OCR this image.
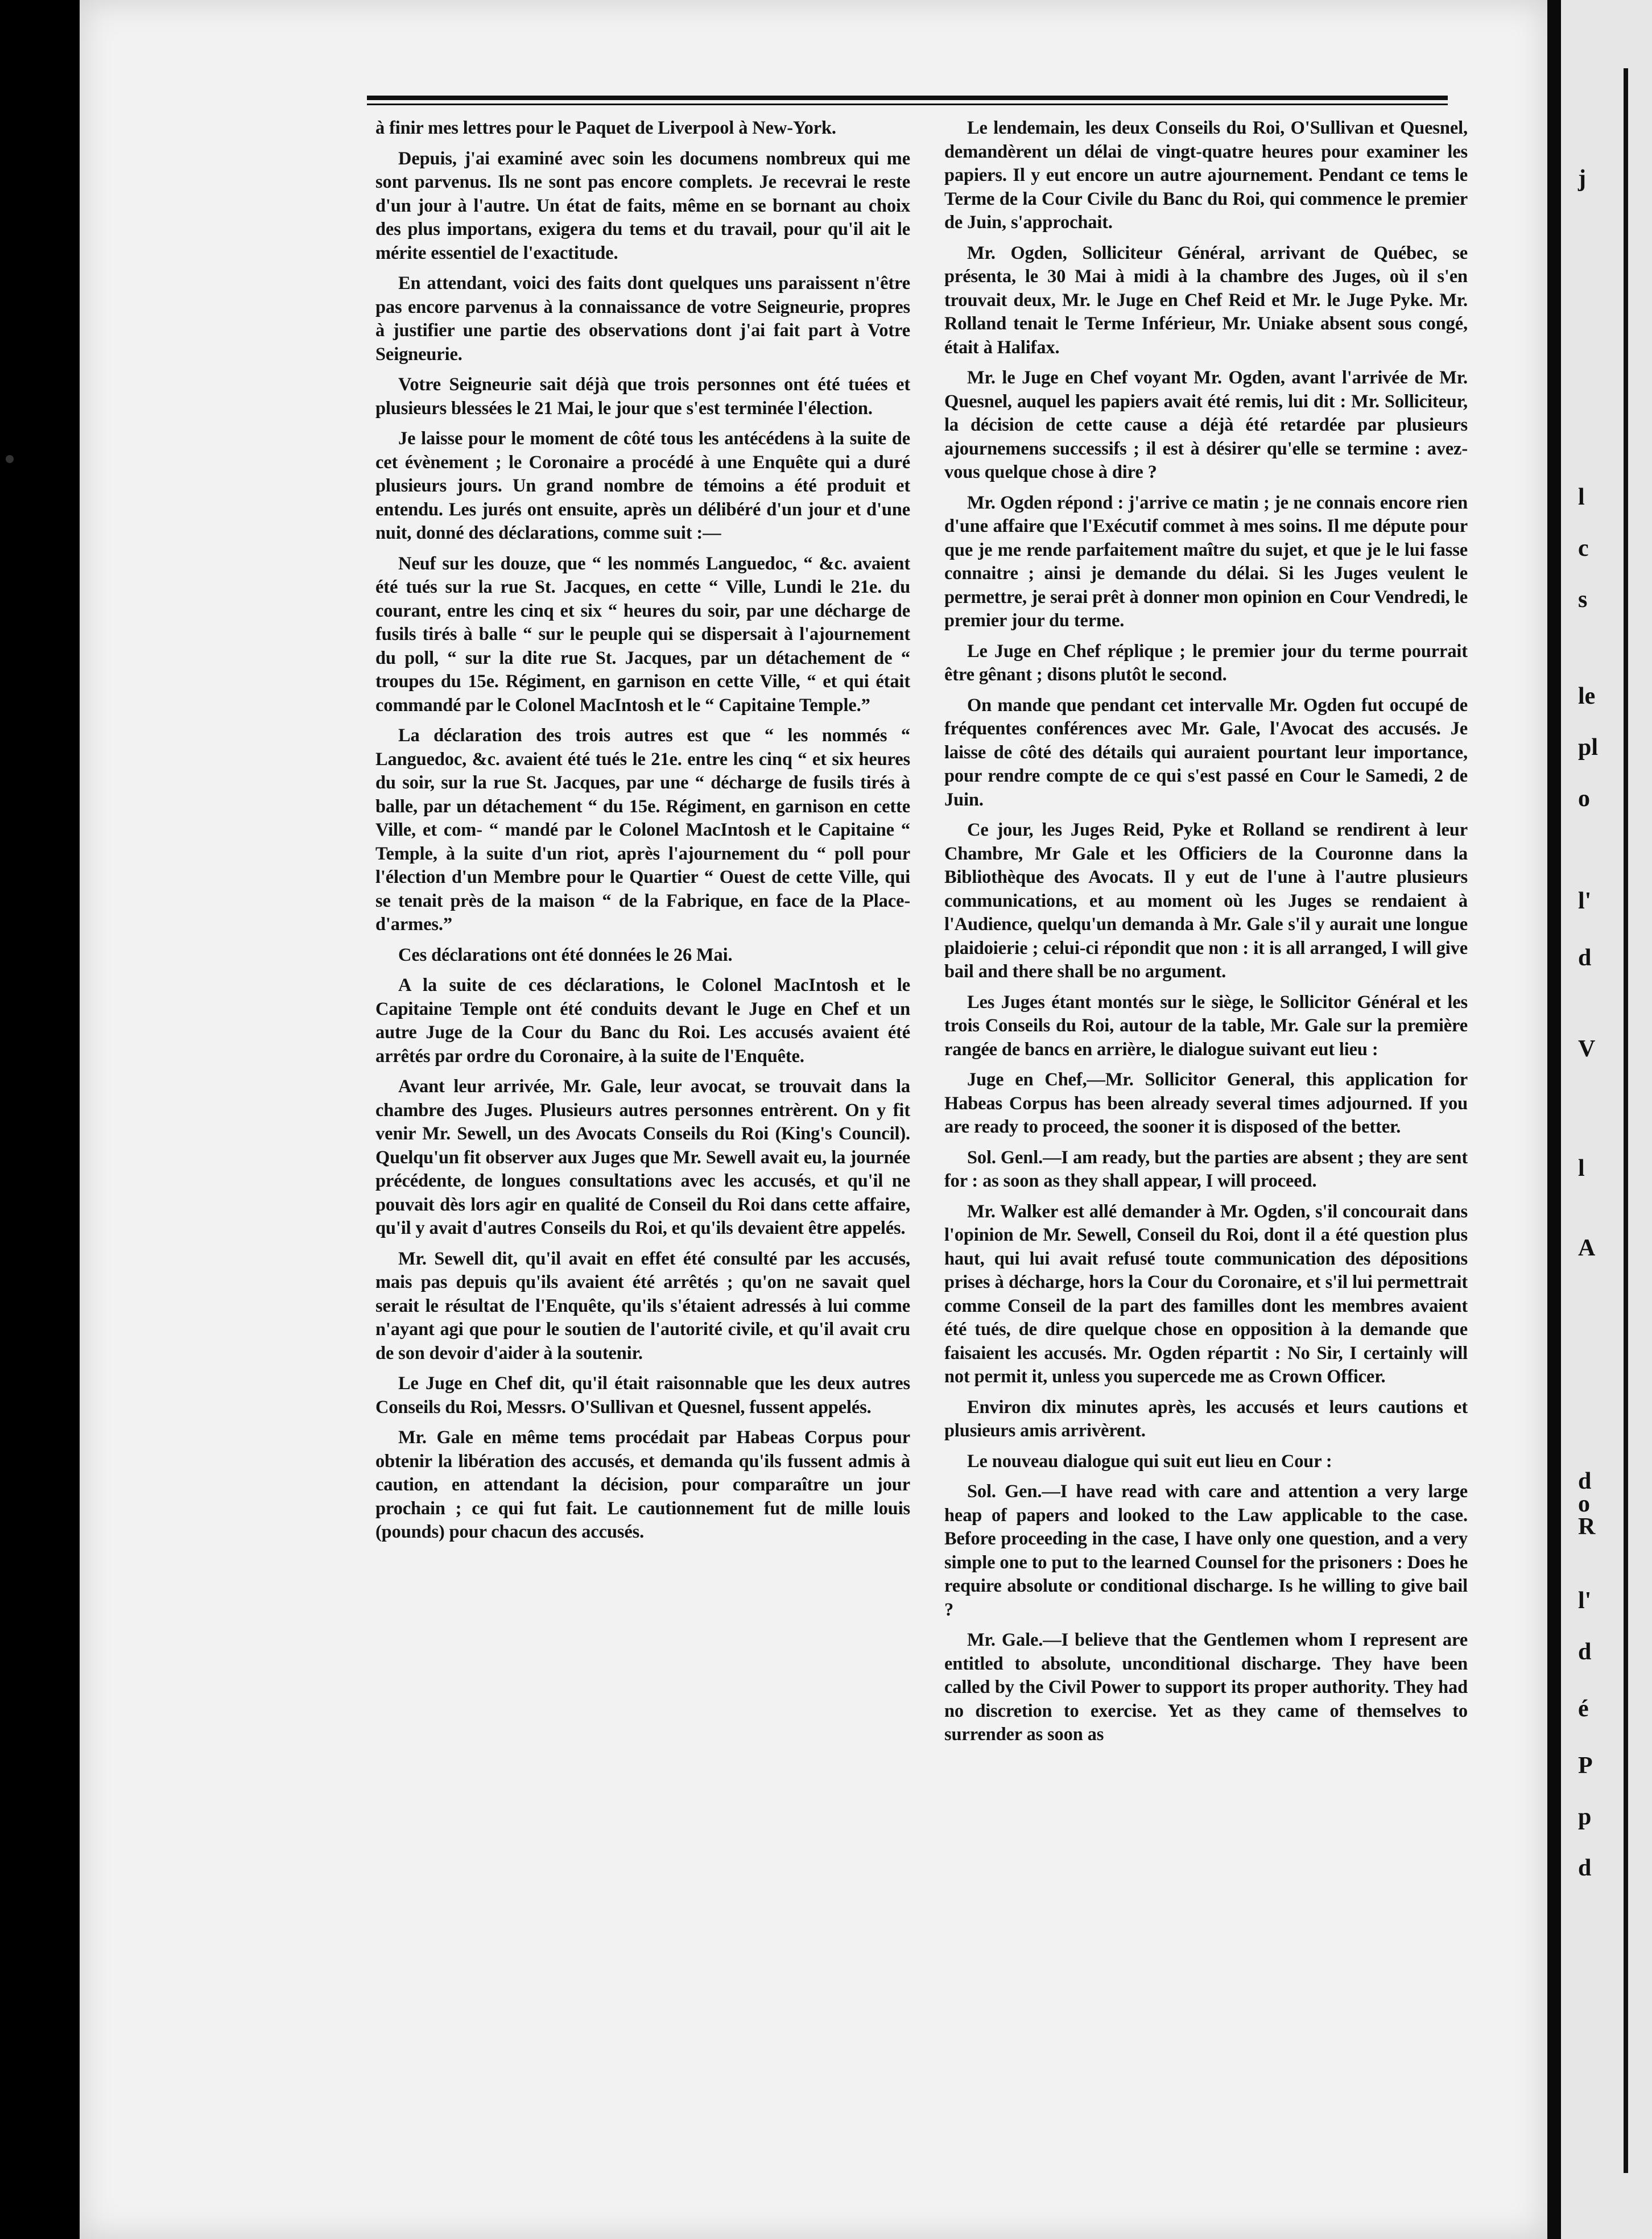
à finir mes lettres pour le Paquet de Liverpool à New-York.

Depuis, j'ai examiné avec soin les documens nombreux qui me sont parvenus. Ils ne sont pas encore complets. Je recevrai le reste d'un jour à l'autre. Un état de faits, même en se bornant au choix des plus importans, exigera du tems et du travail, pour qu'il ait le mérite essentiel de l'exactitude.

En attendant, voici des faits dont quelques uns paraissent n'être pas encore parvenus à la connaissance de votre Seigneurie, propres à justifier une partie des observations dont j'ai fait part à Votre Seigneurie.

Votre Seigneurie sait déjà que trois personnes ont été tuées et plusieurs blessées le 21 Mai, le jour que s'est terminée l'élection.

Je laisse pour le moment de côté tous les antécédens à la suite de cet évènement ; le Coronaire a procédé à une Enquête qui a duré plusieurs jours. Un grand nombre de témoins a été produit et entendu. Les jurés ont ensuite, après un délibéré d'un jour et d'une nuit, donné des déclarations, comme suit :—

Neuf sur les douze, que “ les nommés Languedoc, “ &c. avaient été tués sur la rue St. Jacques, en cette “ Ville, Lundi le 21e. du courant, entre les cinq et six “ heures du soir, par une décharge de fusils tirés à balle “ sur le peuple qui se dispersait à l'ajournement du poll, “ sur la dite rue St. Jacques, par un détachement de “ troupes du 15e. Régiment, en garnison en cette Ville, “ et qui était commandé par le Colonel MacIntosh et le “ Capitaine Temple.”

La déclaration des trois autres est que “ les nommés “ Languedoc, &c. avaient été tués le 21e. entre les cinq “ et six heures du soir, sur la rue St. Jacques, par une “ décharge de fusils tirés à balle, par un détachement “ du 15e. Régiment, en garnison en cette Ville, et com- “ mandé par le Colonel MacIntosh et le Capitaine “ Temple, à la suite d'un riot, après l'ajournement du “ poll pour l'élection d'un Membre pour le Quartier “ Ouest de cette Ville, qui se tenait près de la maison “ de la Fabrique, en face de la Place-d'armes.”

Ces déclarations ont été données le 26 Mai.

A la suite de ces déclarations, le Colonel MacIntosh et le Capitaine Temple ont été conduits devant le Juge en Chef et un autre Juge de la Cour du Banc du Roi. Les accusés avaient été arrêtés par ordre du Coronaire, à la suite de l'Enquête.

Avant leur arrivée, Mr. Gale, leur avocat, se trouvait dans la chambre des Juges. Plusieurs autres personnes entrèrent. On y fit venir Mr. Sewell, un des Avocats Conseils du Roi (King's Council). Quelqu'un fit observer aux Juges que Mr. Sewell avait eu, la journée précédente, de longues consultations avec les accusés, et qu'il ne pouvait dès lors agir en qualité de Conseil du Roi dans cette affaire, qu'il y avait d'autres Conseils du Roi, et qu'ils devaient être appelés.

Mr. Sewell dit, qu'il avait en effet été consulté par les accusés, mais pas depuis qu'ils avaient été arrêtés ; qu'on ne savait quel serait le résultat de l'Enquête, qu'ils s'étaient adressés à lui comme n'ayant agi que pour le soutien de l'autorité civile, et qu'il avait cru de son devoir d'aider à la soutenir.

Le Juge en Chef dit, qu'il était raisonnable que les deux autres Conseils du Roi, Messrs. O'Sullivan et Quesnel, fussent appelés.

Mr. Gale en même tems procédait par Habeas Corpus pour obtenir la libération des accusés, et demanda qu'ils fussent admis à caution, en attendant la décision, pour comparaître un jour prochain ; ce qui fut fait. Le cautionnement fut de mille louis (pounds) pour chacun des accusés.

Le lendemain, les deux Conseils du Roi, O'Sullivan et Quesnel, demandèrent un délai de vingt-quatre heures pour examiner les papiers. Il y eut encore un autre ajournement. Pendant ce tems le Terme de la Cour Civile du Banc du Roi, qui commence le premier de Juin, s'approchait.

Mr. Ogden, Solliciteur Général, arrivant de Québec, se présenta, le 30 Mai à midi à la chambre des Juges, où il s'en trouvait deux, Mr. le Juge en Chef Reid et Mr. le Juge Pyke. Mr. Rolland tenait le Terme Inférieur, Mr. Uniake absent sous congé, était à Halifax.

Mr. le Juge en Chef voyant Mr. Ogden, avant l'arrivée de Mr. Quesnel, auquel les papiers avait été remis, lui dit : Mr. Solliciteur, la décision de cette cause a déjà été retardée par plusieurs ajournemens successifs ; il est à désirer qu'elle se termine : avez-vous quelque chose à dire ?

Mr. Ogden répond : j'arrive ce matin ; je ne connais encore rien d'une affaire que l'Exécutif commet à mes soins. Il me députe pour que je me rende parfaitement maître du sujet, et que je le lui fasse connaitre ; ainsi je demande du délai. Si les Juges veulent le permettre, je serai prêt à donner mon opinion en Cour Vendredi, le premier jour du terme.

Le Juge en Chef réplique ; le premier jour du terme pourrait être gênant ; disons plutôt le second.

On mande que pendant cet intervalle Mr. Ogden fut occupé de fréquentes conférences avec Mr. Gale, l'Avocat des accusés. Je laisse de côté des détails qui auraient pourtant leur importance, pour rendre compte de ce qui s'est passé en Cour le Samedi, 2 de Juin.

Ce jour, les Juges Reid, Pyke et Rolland se rendirent à leur Chambre, Mr Gale et les Officiers de la Couronne dans la Bibliothèque des Avocats. Il y eut de l'une à l'autre plusieurs communications, et au moment où les Juges se rendaient à l'Audience, quelqu'un demanda à Mr. Gale s'il y aurait une longue plaidoierie ; celui-ci répondit que non : it is all arranged, I will give bail and there shall be no argument.

Les Juges étant montés sur le siège, le Sollicitor Général et les trois Conseils du Roi, autour de la table, Mr. Gale sur la première rangée de bancs en arrière, le dialogue suivant eut lieu :

Juge en Chef,—Mr. Sollicitor General, this application for Habeas Corpus has been already several times adjourned. If you are ready to proceed, the sooner it is disposed of the better.

Sol. Genl.—I am ready, but the parties are absent ; they are sent for : as soon as they shall appear, I will proceed.

Mr. Walker est allé demander à Mr. Ogden, s'il concourait dans l'opinion de Mr. Sewell, Conseil du Roi, dont il a été question plus haut, qui lui avait refusé toute communication des dépositions prises à décharge, hors la Cour du Coronaire, et s'il lui permettrait comme Conseil de la part des familles dont les membres avaient été tués, de dire quelque chose en opposition à la demande que faisaient les accusés. Mr. Ogden répartit : No Sir, I certainly will not permit it, unless you supercede me as Crown Officer.

Environ dix minutes après, les accusés et leurs cautions et plusieurs amis arrivèrent.

Le nouveau dialogue qui suit eut lieu en Cour :

Sol. Gen.—I have read with care and attention a very large heap of papers and looked to the Law applicable to the case. Before proceeding in the case, I have only one question, and a very simple one to put to the learned Counsel for the prisoners : Does he require absolute or conditional discharge. Is he willing to give bail ?

Mr. Gale.—I believe that the Gentlemen whom I represent are entitled to absolute, unconditional discharge. They have been called by the Civil Power to support its proper authority. They had no discretion to exercise. Yet as they came of themselves to surrender as soon as

j
l
c
s
le
pl
o
l'
d
V
l
A
d
o
R
l'
d
é
P
p
d
